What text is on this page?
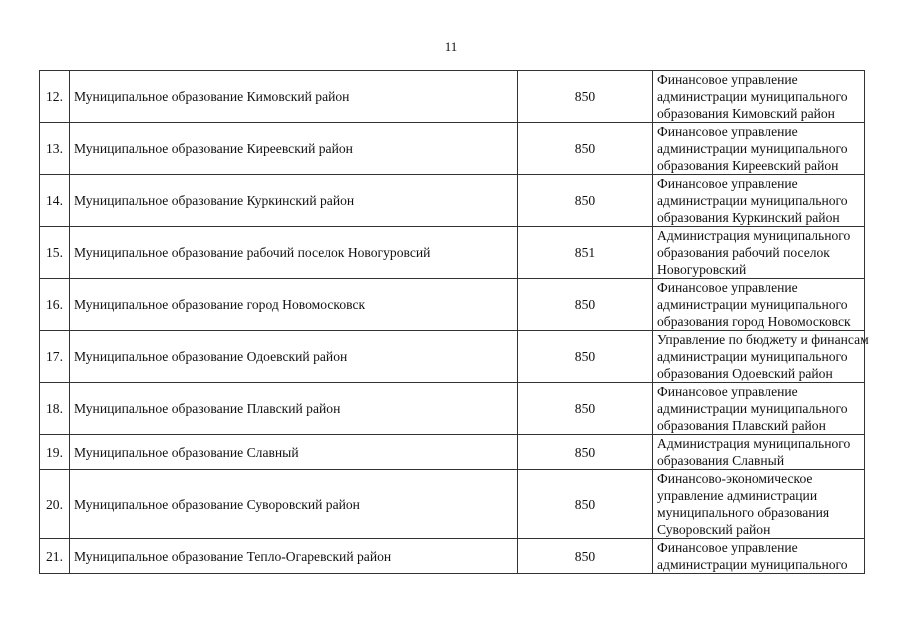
11
12.	Муниципальное образование Кимовский район	850	Финансовое управление
администрации муниципального
образования Кимовский район

13.	Муниципальное образование Киреевский район	850	Финансовое управление
администрации муниципального
образования Киреевский район

14.	Муниципальное образование Куркинский район	850	Финансовое управление
администрации муниципального
образования Куркинский район

15.	Муниципальное образование рабочий поселок Новогуровсий	851	Администрация муниципального
образования рабочий поселок
Новогуровский

16.	Муниципальное образование город Новомосковск	850	Финансовое управление
администрации муниципального
образования город Новомосковск

17.	Муниципальное образование Одоевский район	850	Управление по бюджету и финансам
администрации муниципального
образования Одоевский район

18.	Муниципальное образование Плавский район	850	Финансовое управление
администрации муниципального
образования Плавский район

19.	Муниципальное образование Славный	850	Администрация муниципального
образования Славный

20.	Муниципальное образование Суворовский район	850	Финансово-экономическое
управление администрации
муниципального образования
Суворовский район

21.	Муниципальное образование Тепло-Огаревский район	850	Финансовое управление
администрации муниципального
